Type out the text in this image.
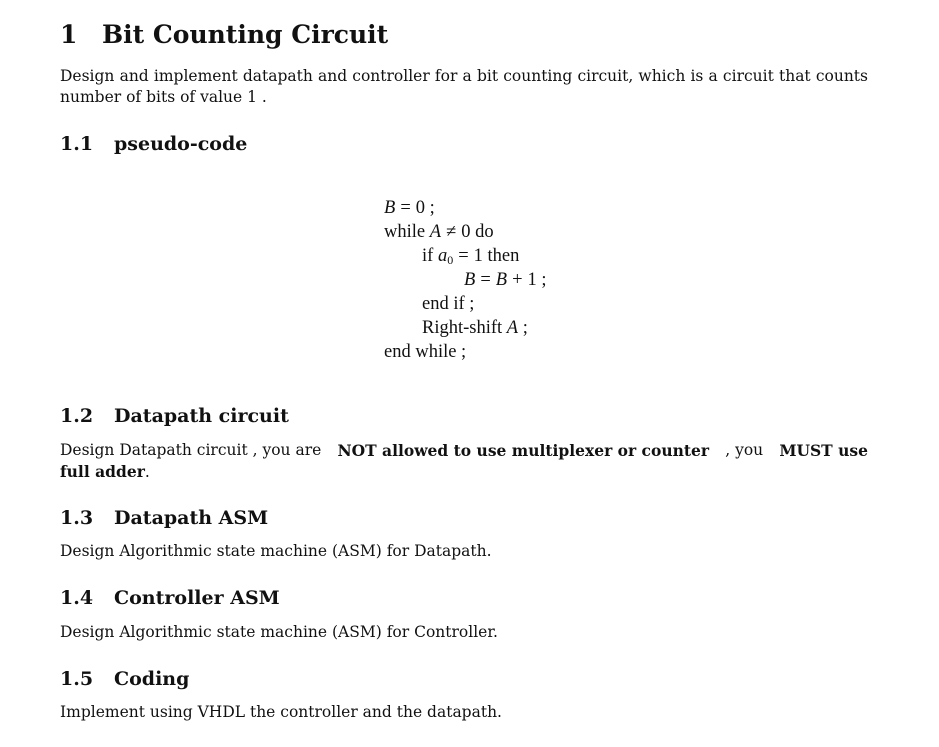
1 Bit Counting Circuit
Design and implement datapath and controller for a bit counting circuit, which is a circuit that counts
number of bits of value 1 .
1.1 pseudo-code
B = 0 ;
while A ≠ 0 do
if $a_0 = 1$ then
B = B + 1 ;
end if ;
Right-shift A ;
end while ;
1.2 Datapath circuit
Design Datapath circuit , you are NOT allowed to use multiplexer or counter , you MUST use
full adder.
1.3 Datapath ASM
Design Algorithmic state machine (ASM) for Datapath.
1.4 Controller ASM
Design Algorithmic state machine (ASM) for Controller.
1.5 Coding
Implement using VHDL the controller and the datapath.
